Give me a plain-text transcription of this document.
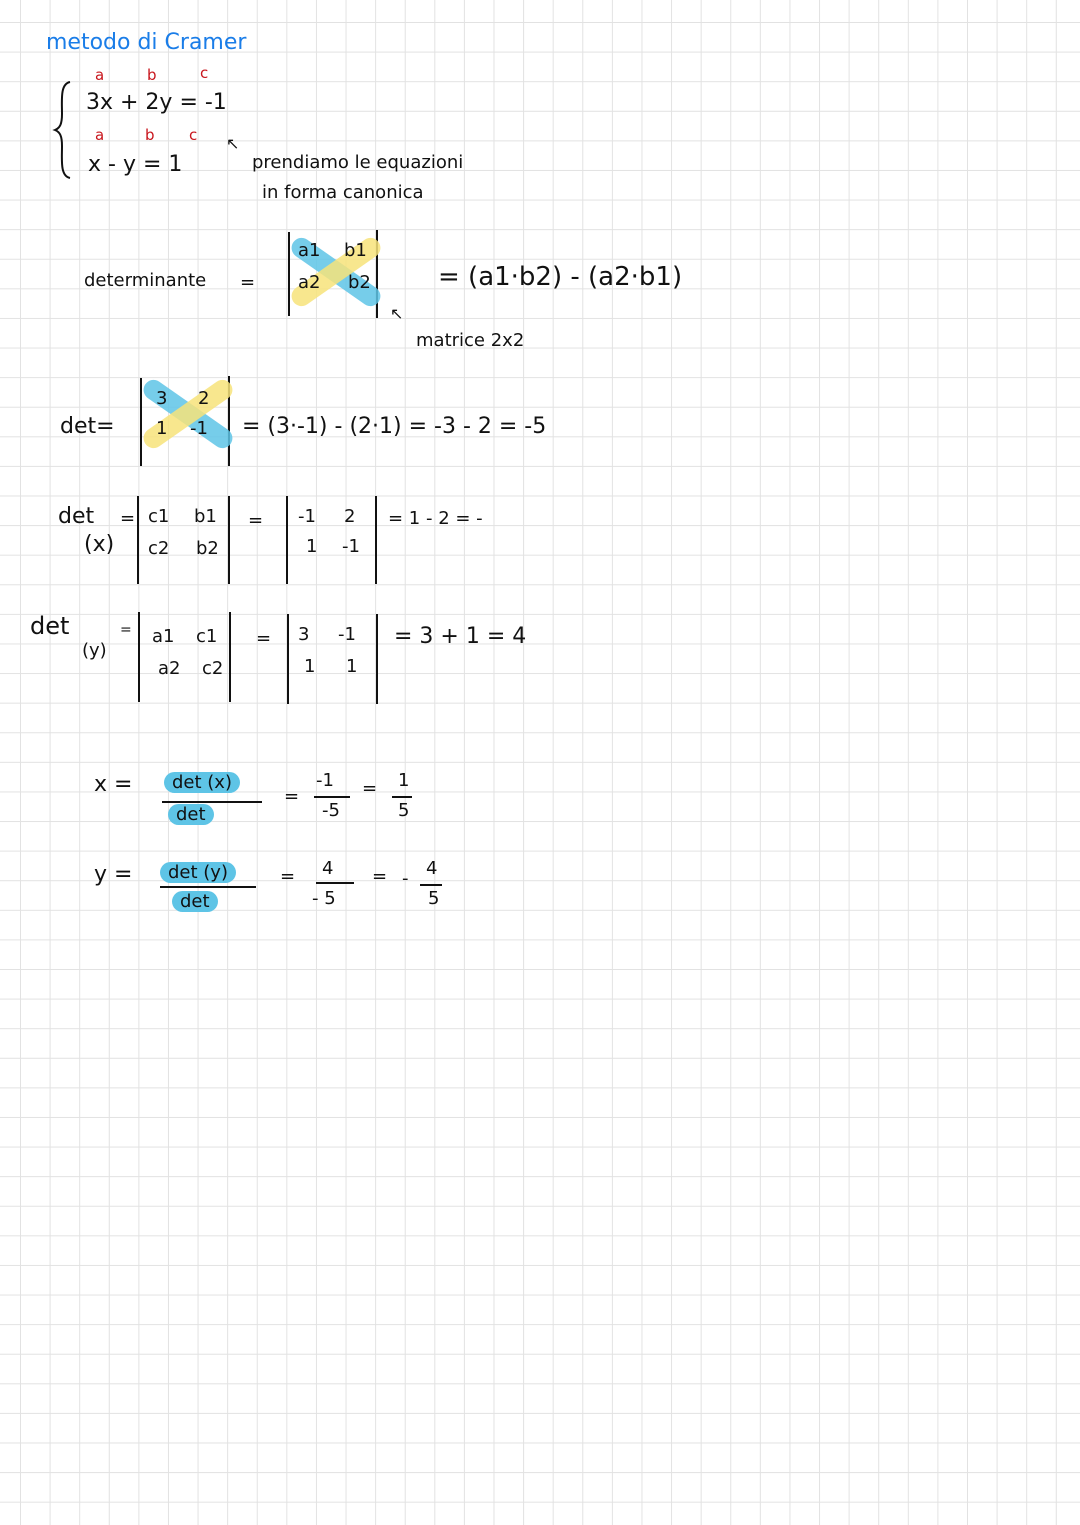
metodo di Cramer
a	b	c
3x + 2y = -1
a	b c
x - y = 1
↖
prendiamo le equazioni
in forma canonica
determinante =
a1 b1
a2 b2	= (a1·b2) - (a2·b1)
↖
matrice 2x2
det=
3 2
1 -1 = (3·-1) - (2·1) = -3 - 2 = -5
det
(x)
= c1 b1
c2 b2
= -1 2
1 -1
= 1 - 2 = -
det
(y)
= a1 c1
a2 c2
= 3 -1
1 1
= 3 + 1 = 4
x =	det (x)
det
=
-1
-5
= 1
5
y =	det (y)
det
= 4
- 5
= - 4
5
